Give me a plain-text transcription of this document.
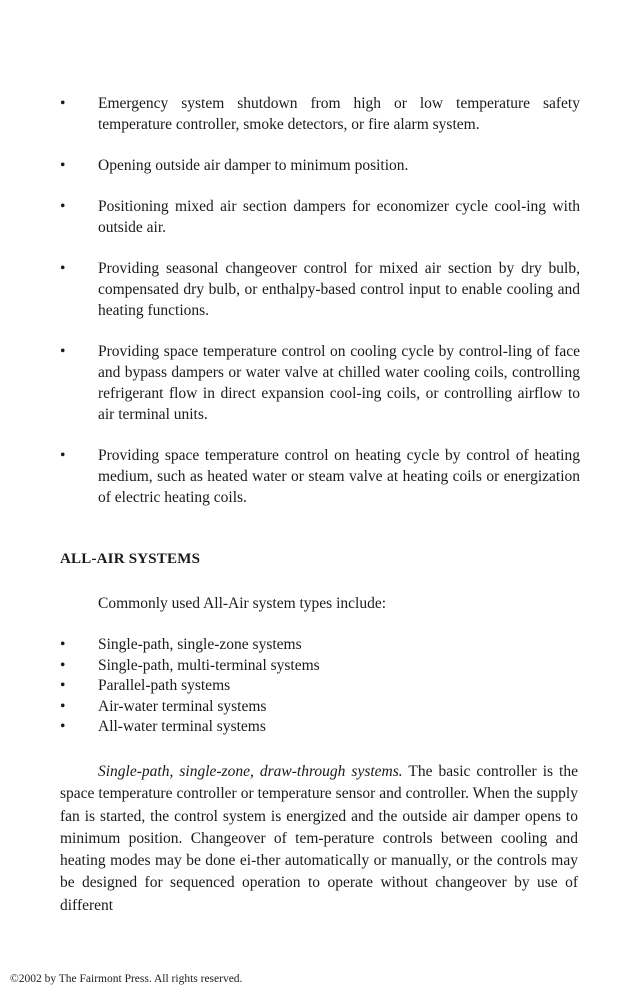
•	Emergency system shutdown from high or low temperature safety temperature controller, smoke detectors, or fire alarm system.
•	Opening outside air damper to minimum position.
•	Positioning mixed air section dampers for economizer cycle cool-ing with outside air.
•	Providing seasonal changeover control for mixed air section by dry bulb, compensated dry bulb, or enthalpy-based control input to enable cooling and heating functions.
•	Providing space temperature control on cooling cycle by control-ling of face and bypass dampers or water valve at chilled water cooling coils, controlling refrigerant flow in direct expansion cool-ing coils, or controlling airflow to air terminal units.
•	Providing space temperature control on heating cycle by control of heating medium, such as heated water or steam valve at heating coils or energization of electric heating coils.
ALL-AIR SYSTEMS
Commonly used All-Air system types include:
•	Single-path, single-zone systems
•	Single-path, multi-terminal systems
•	Parallel-path systems
•	Air-water terminal systems
•	All-water terminal systems

Single-path, single-zone, draw-through systems. The basic controller is the space temperature controller or temperature sensor and controller. When the supply fan is started, the control system is energized and the outside air damper opens to minimum position. Changeover of tem-perature controls between cooling and heating modes may be done ei-ther automatically or manually, or the controls may be designed for sequenced operation to operate without changeover by use of different

©2002 by The Fairmont Press. All rights reserved.
